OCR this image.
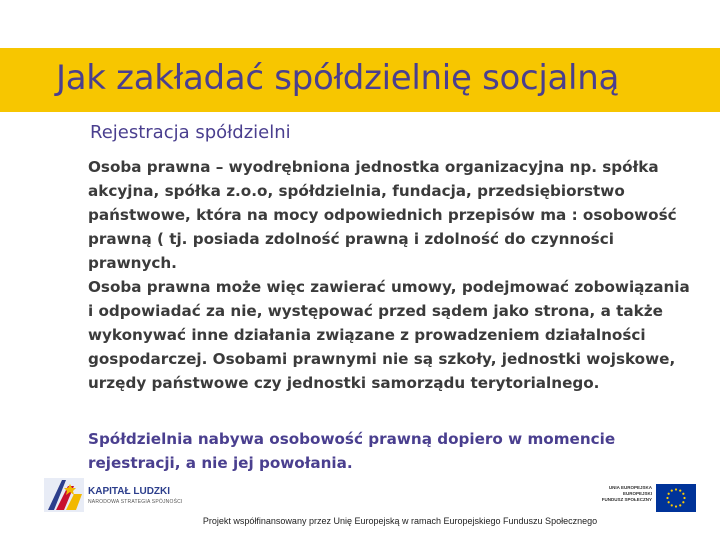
Jak zakładać spółdzielnię socjalną
Rejestracja spółdzielni

Osoba prawna – wyodrębniona jednostka organizacyjna np. spółka akcyjna, spółka z.o.o, spółdzielnia, fundacja, przedsiębiorstwo państwowe, która na mocy odpowiednich przepisów ma : osobowość prawną ( tj. posiada zdolność prawną i zdolność do czynności prawnych.

Osoba prawna może więc zawierać umowy, podejmować zobowiązania i odpowiadać za nie, występować przed sądem jako strona, a także wykonywać inne działania związane z prowadzeniem działalności gospodarczej. Osobami prawnymi nie są szkoły, jednostki wojskowe, urzędy państwowe czy jednostki samorządu terytorialnego.

Spółdzielnia nabywa osobowość prawną dopiero w momencie rejestracji, a nie jej powołania.

KAPITAŁ LUDZKI
NARODOWA STRATEGIA SPÓJNOŚCI
UNIA EUROPEJSKA
EUROPEJSKI
FUNDUSZ SPOŁECZNY
Projekt współfinansowany przez Unię Europejską w ramach Europejskiego Funduszu Społecznego
